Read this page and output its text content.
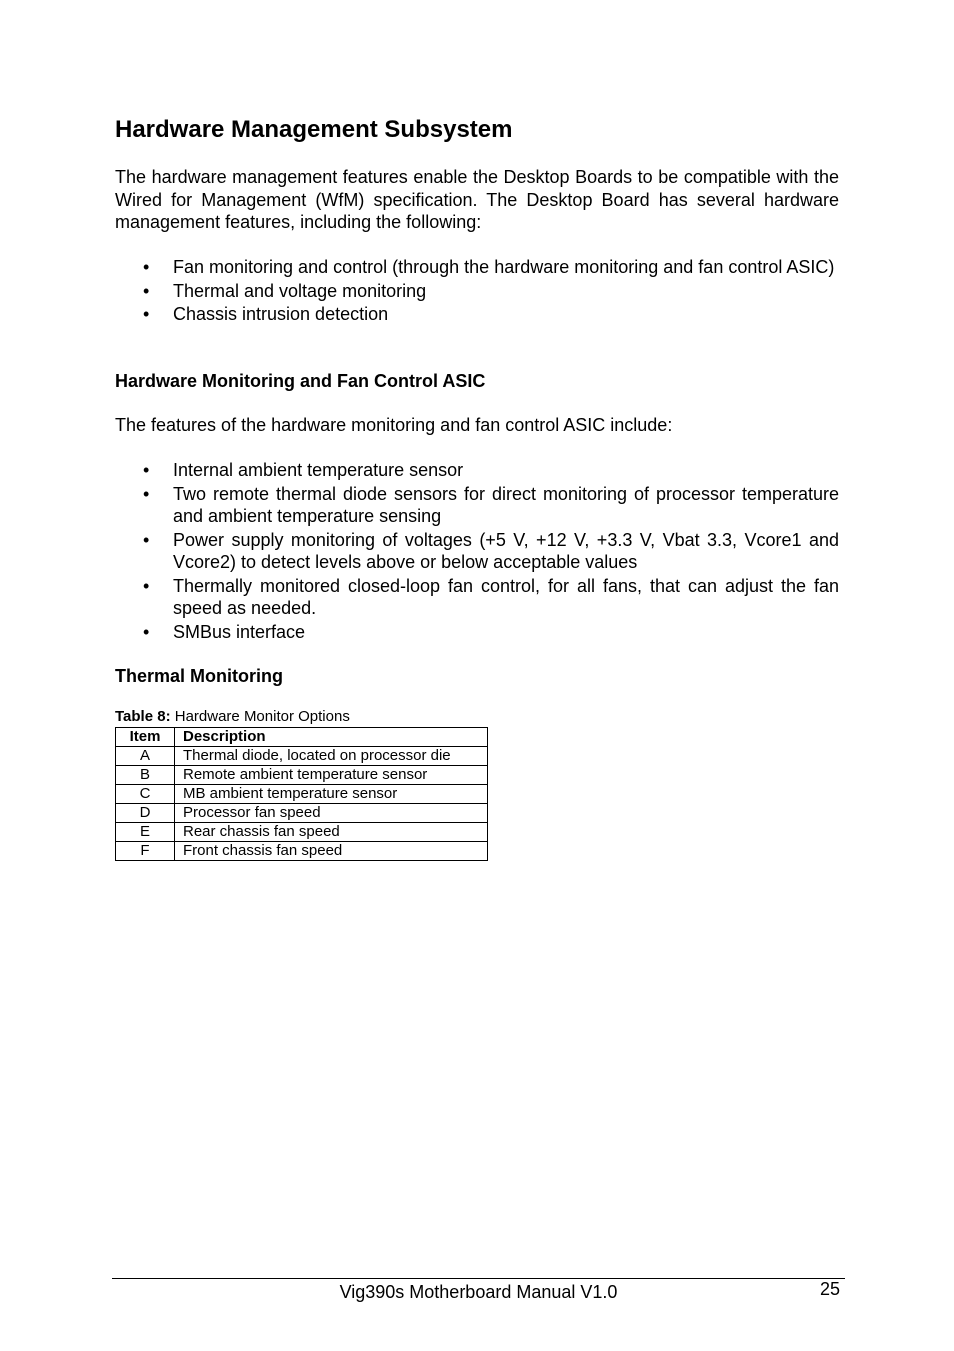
Hardware Management Subsystem

The hardware management features enable the Desktop Boards to be compatible with the Wired for Management (WfM) specification. The Desktop Board has several hardware management features, including the following:

• Fan monitoring and control (through the hardware monitoring and fan control ASIC)
• Thermal and voltage monitoring
• Chassis intrusion detection
Hardware Monitoring and Fan Control ASIC

The features of the hardware monitoring and fan control ASIC include:

• Internal ambient temperature sensor
• Two remote thermal diode sensors for direct monitoring of processor temperature and ambient temperature sensing
• Power supply monitoring of voltages (+5 V, +12 V, +3.3 V, Vbat 3.3, Vcore1 and Vcore2) to detect levels above or below acceptable values
• Thermally monitored closed-loop fan control, for all fans, that can adjust the fan speed as needed.
• SMBus interface
Thermal Monitoring
Table 8: Hardware Monitor Options
Item	Description
A	Thermal diode, located on processor die
B	Remote ambient temperature sensor
C	MB ambient temperature sensor
D	Processor fan speed
E	Rear chassis fan speed
F	Front chassis fan speed
Vig390s Motherboard Manual V1.0	25
